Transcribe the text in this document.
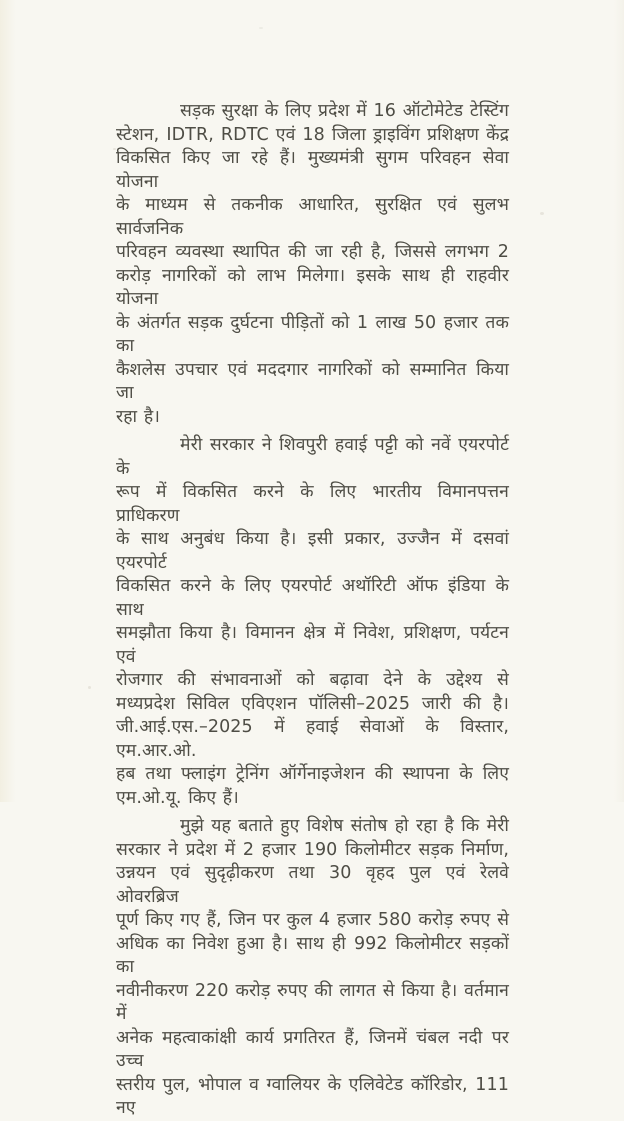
सड़क सुरक्षा के लिए प्रदेश में 16 ऑटोमेटेड टेस्टिंग
स्टेशन, IDTR, RDTC एवं 18 जिला ड्राइविंग प्रशिक्षण केंद्र
विकसित किए जा रहे हैं। मुख्यमंत्री सुगम परिवहन सेवा योजना
के माध्यम से तकनीक आधारित, सुरक्षित एवं सुलभ सार्वजनिक
परिवहन व्यवस्था स्थापित की जा रही है, जिससे लगभग 2
करोड़ नागरिकों को लाभ मिलेगा। इसके साथ ही राहवीर योजना
के अंतर्गत सड़क दुर्घटना पीड़ितों को 1 लाख 50 हजार तक का
कैशलेस उपचार एवं मददगार नागरिकों को सम्मानित किया जा
रहा है।
मेरी सरकार ने शिवपुरी हवाई पट्टी को नवें एयरपोर्ट के
रूप में विकसित करने के लिए भारतीय विमानपत्तन प्राधिकरण
के साथ अनुबंध किया है। इसी प्रकार, उज्जैन में दसवां एयरपोर्ट
विकसित करने के लिए एयरपोर्ट अथॉरिटी ऑफ इंडिया के साथ
समझौता किया है। विमानन क्षेत्र में निवेश, प्रशिक्षण, पर्यटन एवं
रोजगार की संभावनाओं को बढ़ावा देने के उद्देश्य से
मध्यप्रदेश सिविल एविएशन पॉलिसी–2025 जारी की है।
जी.आई.एस.–2025 में हवाई सेवाओं के विस्तार, एम.आर.ओ.
हब तथा फ्लाइंग ट्रेनिंग ऑर्गेनाइजेशन की स्थापना के लिए
एम.ओ.यू. किए हैं।
मुझे यह बताते हुए विशेष संतोष हो रहा है कि मेरी
सरकार ने प्रदेश में 2 हजार 190 किलोमीटर सड़क निर्माण,
उन्नयन एवं सुदृढ़ीकरण तथा 30 वृहद पुल एवं रेलवे ओवरब्रिज
पूर्ण किए गए हैं, जिन पर कुल 4 हजार 580 करोड़ रुपए से
अधिक का निवेश हुआ है। साथ ही 992 किलोमीटर सड़कों का
नवीनीकरण 220 करोड़ रुपए की लागत से किया है। वर्तमान में
अनेक महत्वाकांक्षी कार्य प्रगतिरत हैं, जिनमें चंबल नदी पर उच्च
स्तरीय पुल, भोपाल व ग्वालियर के एलिवेटेड कॉरिडोर, 111 नए
